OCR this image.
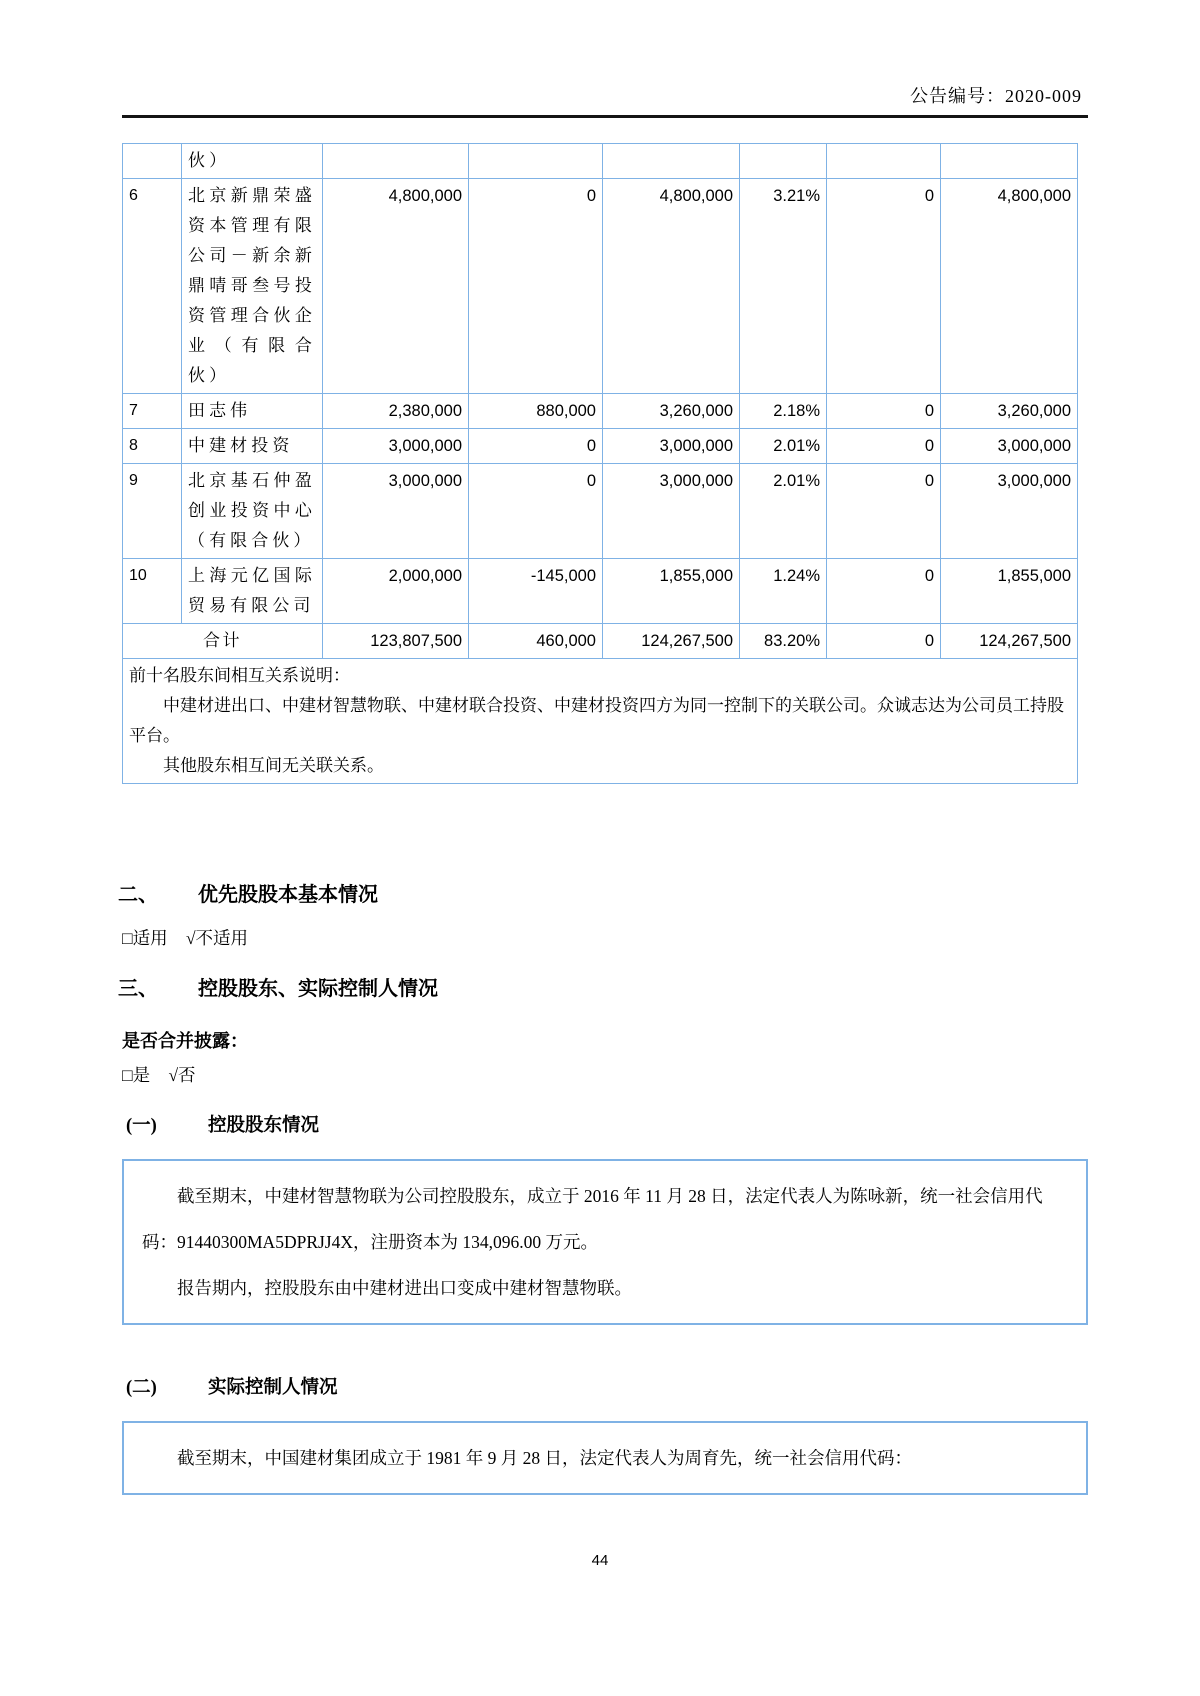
公告编号：2020-009
	伙）						
6	北京新鼎荣盛资本管理有限公司－新余新鼎啨哥叁号投资管理合伙企业（有限合伙）	4,800,000	0	4,800,000	3.21%	0	4,800,000
7	田志伟	2,380,000	880,000	3,260,000	2.18%	0	3,260,000
8	中建材投资	3,000,000	0	3,000,000	2.01%	0	3,000,000
9	北京基石仲盈创业投资中心（有限合伙）	3,000,000	0	3,000,000	2.01%	0	3,000,000
10	上海元亿国际贸易有限公司	2,000,000	-145,000	1,855,000	1.24%	0	1,855,000
合计		123,807,500	460,000	124,267,500	83.20%	0	124,267,500

前十名股东间相互关系说明：
中建材进出口、中建材智慧物联、中建材联合投资、中建材投资四方为同一控制下的关联公司。众诚志达为公司员工持股平台。
其他股东相互间无关联关系。							
二、	优先股股本基本情况
□适用 √不适用
三、	控股股东、实际控制人情况
是否合并披露：
□是 √否
(一)	控股股东情况

截至期末，中建材智慧物联为公司控股股东，成立于 2016 年 11 月 28 日，法定代表人为陈咏新，统一社会信用代码：91440300MA5DPRJJ4X，注册资本为 134,096.00 万元。

报告期内，控股股东由中建材进出口变成中建材智慧物联。

(二)	实际控制人情况

截至期末，中国建材集团成立于 1981 年 9 月 28 日，法定代表人为周育先，统一社会信用代码：

44
